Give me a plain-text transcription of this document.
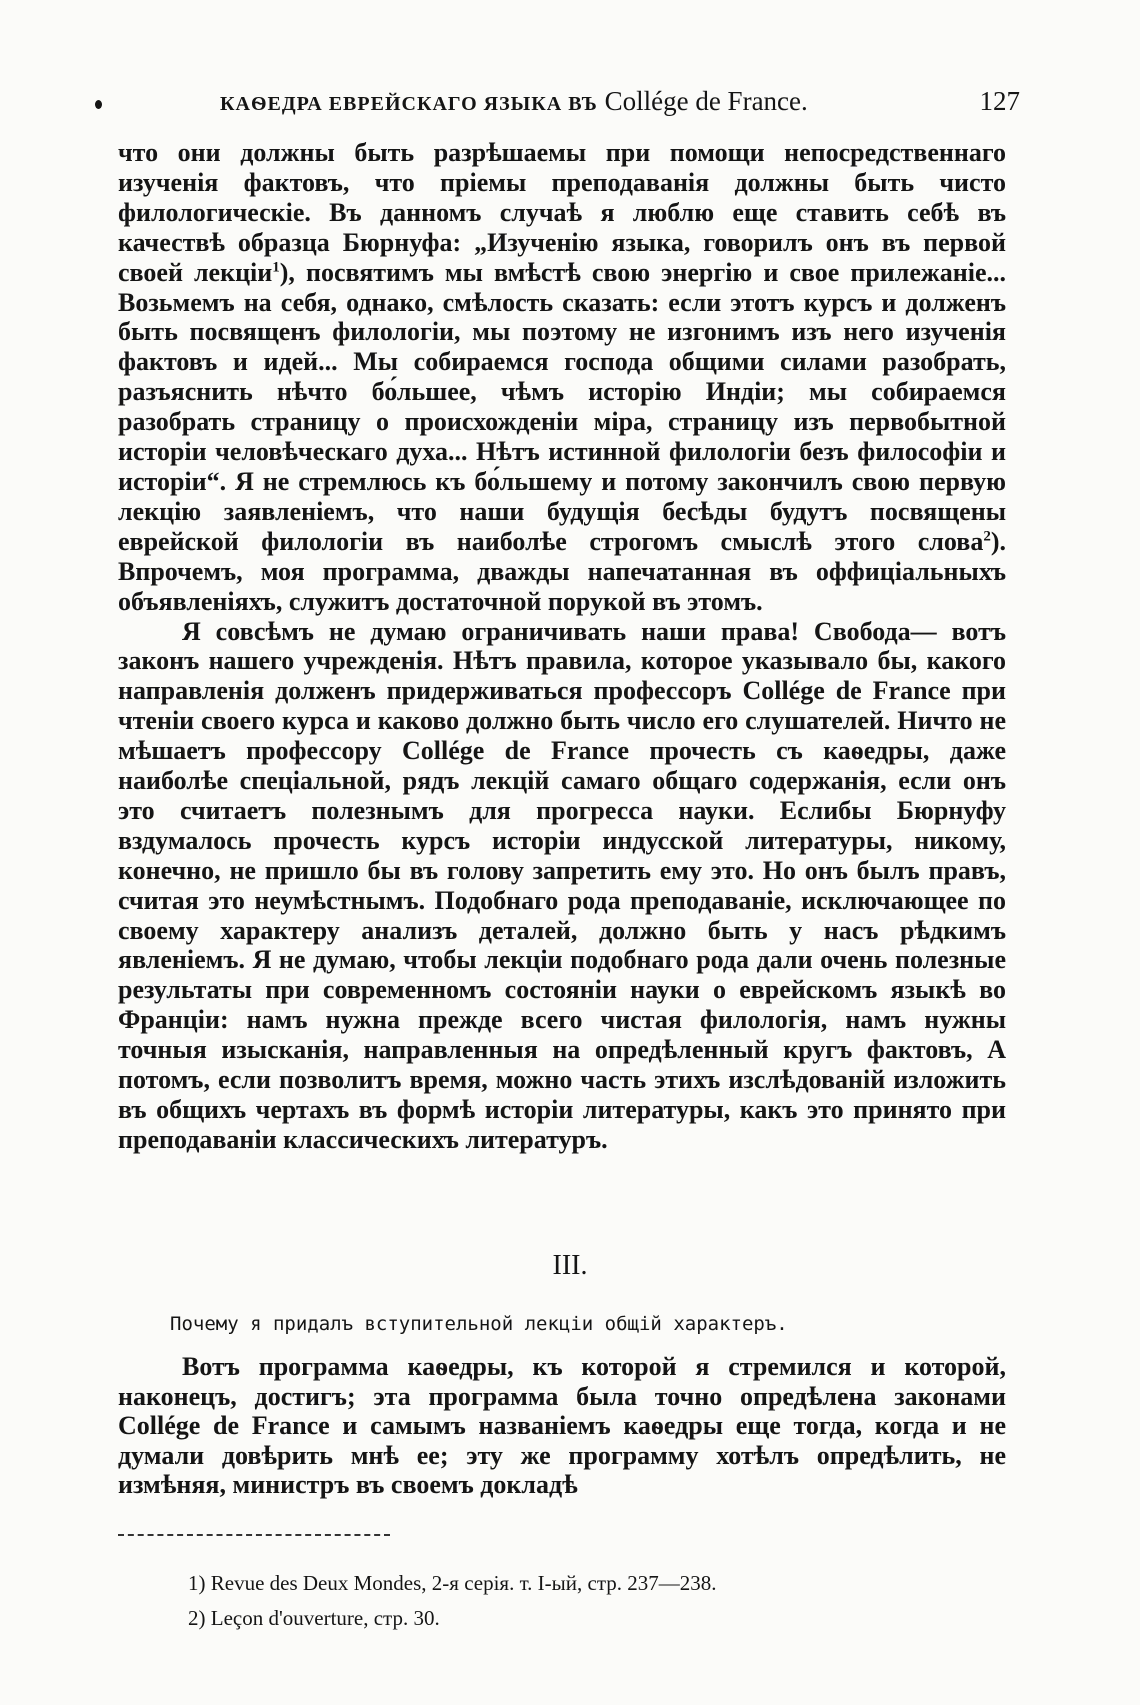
КАѲЕДРА ЕВРЕЙСКАГО ЯЗЫКА ВЪ Collége de France.	127

что они должны быть разрѣшаемы при помощи непосредственнаго изученія фактовъ, что пріемы преподаванія должны быть чисто филологическіе. Въ данномъ случаѣ я люблю еще ставить себѣ въ качествѣ образца Бюрнуфа: „Изученію языка, говорилъ онъ въ первой своей лекціи$^1$), посвятимъ мы вмѣстѣ свою энергію и свое прилежаніе... Возьмемъ на себя, однако, смѣлость сказать: если этотъ курсъ и долженъ быть посвященъ филологіи, мы поэтому не изгонимъ изъ него изученія фактовъ и идей... Мы собираемся господа общими силами разобрать, разъяснить нѣчто бо́льшее, чѣмъ исторію Индіи; мы собираемся разобрать страницу о происхожденіи міра, страницу изъ первобытной исторіи человѣческаго духа... Нѣтъ истинной филологіи безъ философіи и исторіи“. Я не стремлюсь къ бо́льшему и потому закончилъ свою первую лекцію заявленіемъ, что наши будущія бесѣды будутъ посвящены еврейской филологіи въ наиболѣе строгомъ смыслѣ этого слова$^2$). Впрочемъ, моя программа, дважды напечатанная въ оффиціальныхъ объявленіяхъ, служитъ достаточной порукой въ этомъ.

Я совсѣмъ не думаю ограничивать наши права! Свобода— вотъ законъ нашего учрежденія. Нѣтъ правила, которое указывало бы, какого направленія долженъ придерживаться профессоръ Collége de France при чтеніи своего курса и каково должно быть число его слушателей. Ничто не мѣшаетъ профессору Collége de France прочесть съ каѳедры, даже наиболѣе спеціальной, рядъ лекцій самаго общаго содержанія, если онъ это считаетъ полезнымъ для прогресса науки. Еслибы Бюрнуфу вздумалось прочесть курсъ исторіи индусской литературы, никому, конечно, не пришло бы въ голову запретить ему это. Но онъ былъ правъ, считая это неумѣстнымъ. Подобнаго рода преподаваніе, исключающее по своему характеру анализъ деталей, должно быть у насъ рѣдкимъ явленіемъ. Я не думаю, чтобы лекціи подобнаго рода дали очень полезные результаты при современномъ состояніи науки о еврейскомъ языкѣ во Франціи: намъ нужна прежде всего чистая филологія, намъ нужны точныя изысканія, направленныя на опредѣленный кругъ фактовъ, А потомъ, если позволитъ время, можно часть этихъ изслѣдованій изложить въ общихъ чертахъ въ формѣ исторіи литературы, какъ это принято при преподаваніи классическихъ литературъ.

III.
Почему я придалъ вступительной лекціи общій характеръ.

Вотъ программа каѳедры, къ которой я стремился и которой, наконецъ, достигъ; эта программа была точно опредѣлена законами Collége de France и самымъ названіемъ каѳедры еще тогда, когда и не думали довѣрить мнѣ ее; эту же программу хотѣлъ опредѣлить, не измѣняя, министръ въ своемъ докладѣ

1) Revue des Deux Mondes, 2-я серія. т. I-ый, стр. 237—238.
2) Leçon d'ouverture, стр. 30.
